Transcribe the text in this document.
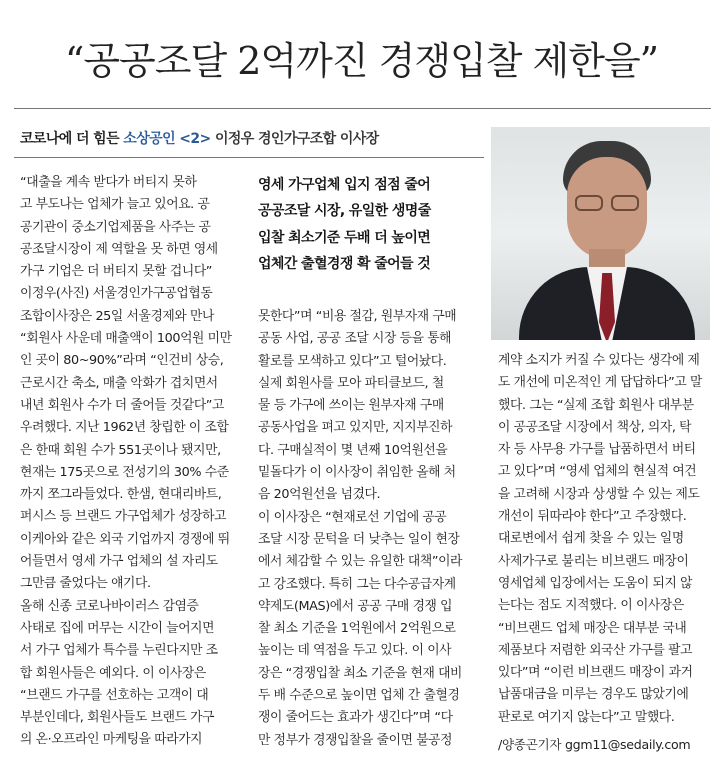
“공공조달 2억까진 경쟁입찰 제한을”
코로나에 더 힘든 소상공인 <2> 이정우 경인가구조합 이사장
영세 가구업체 입지 점점 줄어
공공조달 시장, 유일한 생명줄
입찰 최소기준 두배 더 높이면
업체간 출혈경쟁 확 줄어들 것
“대출을 계속 받다가 버티지 못하
고 부도나는 업체가 늘고 있어요. 공
공기관이 중소기업제품을 사주는 공
공조달시장이 제 역할을 못 하면 영세
가구 기업은 더 버티지 못할 겁니다”
이정우(사진) 서울경인가구공업협동
조합이사장은 25일 서울경제와 만나
“회원사 사운데 매출액이 100억원 미만
인 곳이 80~90%”라며 “인건비 상승,
근로시간 축소, 매출 악화가 겹치면서
내년 회원사 수가 더 줄어들 것같다”고
우려했다. 지난 1962년 창립한 이 조합
은 한때 회원 수가 551곳이나 됐지만,
현재는 175곳으로 전성기의 30% 수준
까지 쪼그라들었다. 한샘, 현대리바트,
퍼시스 등 브랜드 가구업체가 성장하고
이케아와 같은 외국 기업까지 경쟁에 뛰
어들면서 영세 가구 업체의 설 자리도
그만큼 줄었다는 얘기다.
올해 신종 코로나바이러스 감염증
사태로 집에 머무는 시간이 늘어지면
서 가구 업체가 특수를 누린다지만 조
합 회원사들은 예외다. 이 이사장은
“브랜드 가구를 선호하는 고객이 대
부분인데다, 회원사들도 브랜드 가구
의 온·오프라인 마케팅을 따라가지
못한다”며 “비용 절감, 원부자재 구매
공동 사업, 공공 조달 시장 등을 통해
활로를 모색하고 있다”고 털어놨다.
실제 회원사를 모아 파티클보드, 철
물 등 가구에 쓰이는 원부자재 구매
공동사업을 펴고 있지만, 지지부진하
다. 구매실적이 몇 년째 10억원선을
밑돌다가 이 이사장이 취임한 올해 처
음 20억원선을 넘겼다.
이 이사장은 “현재로선 기업에 공공
조달 시장 문턱을 더 낮추는 일이 현장
에서 체감할 수 있는 유일한 대책”이라
고 강조했다. 특히 그는 다수공급자계
약제도(MAS)에서 공공 구매 경쟁 입
찰 최소 기준을 1억원에서 2억원으로
높이는 데 역점을 두고 있다. 이 이사
장은 “경쟁입찰 최소 기준을 현재 대비
두 배 수준으로 높이면 업체 간 출혈경
쟁이 줄어드는 효과가 생긴다”며 “다
만 정부가 경쟁입찰을 줄이면 불공정
계약 소지가 커질 수 있다는 생각에 제
도 개선에 미온적인 게 답답하다”고 말
했다. 그는 “실제 조합 회원사 대부분
이 공공조달 시장에서 책상, 의자, 탁
자 등 사무용 가구를 납품하면서 버티
고 있다”며 “영세 업체의 현실적 여건
을 고려해 시장과 상생할 수 있는 제도
개선이 뒤따라야 한다”고 주장했다.
대로변에서 쉽게 찾을 수 있는 일명
사제가구로 불리는 비브랜드 매장이
영세업체 입장에서는 도움이 되지 않
는다는 점도 지적했다. 이 이사장은
“비브랜드 업체 매장은 대부분 국내
제품보다 저렴한 외국산 가구를 팔고
있다”며 “이런 비브랜드 매장이 과거
납품대금을 미루는 경우도 많았기에
판로로 여기지 않는다”고 말했다.
/양종곤기자 ggm11@sedaily.com
